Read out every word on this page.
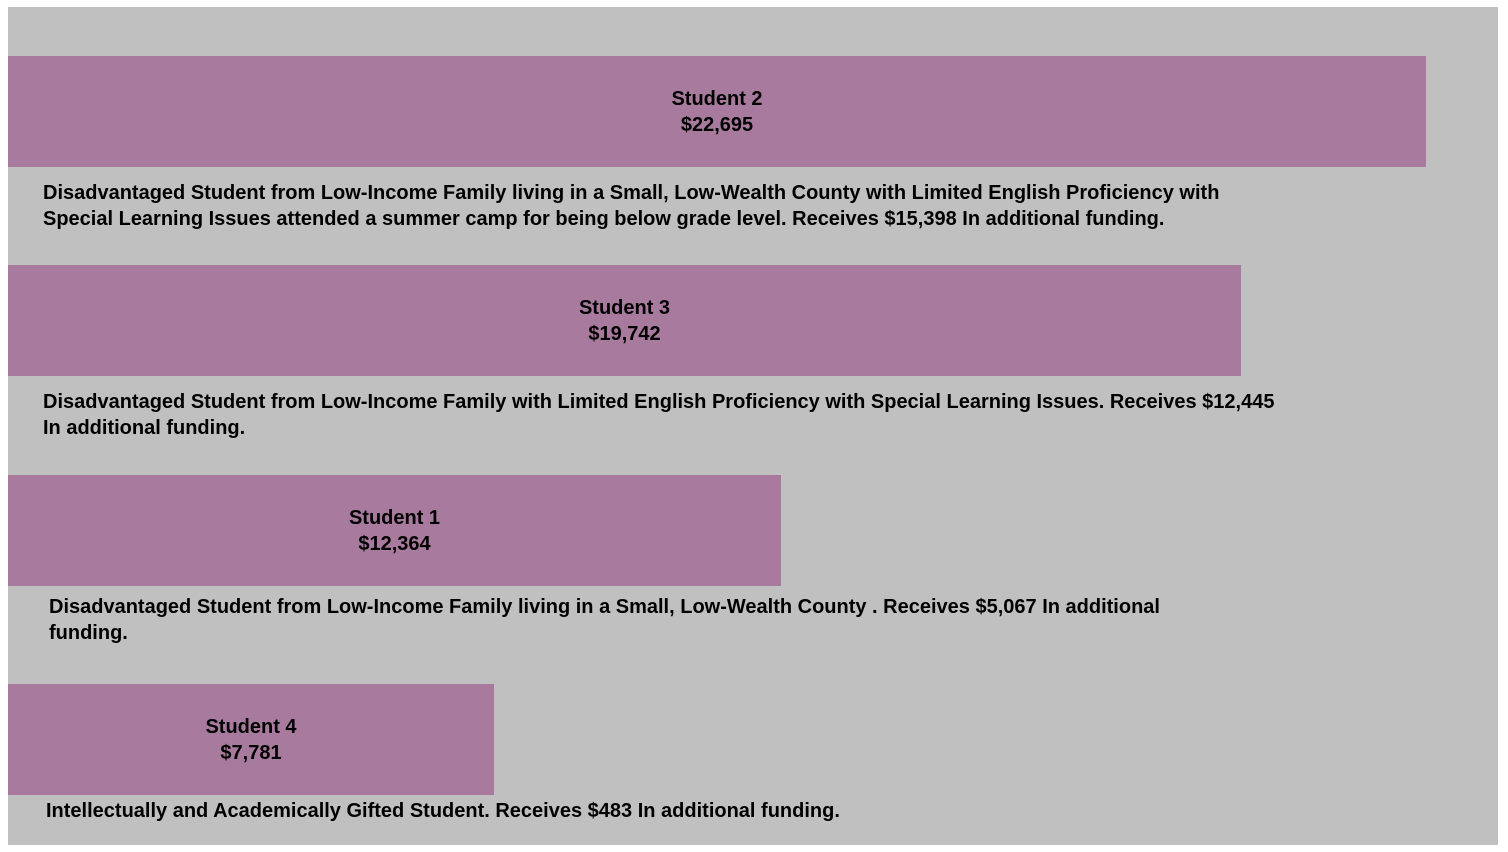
Student 2
$22,695

Disadvantaged Student from Low-Income Family living in a Small, Low-Wealth County with Limited English Proficiency with Special Learning Issues attended a summer camp for being below grade level. Receives $15,398 In additional funding.

Student 3
$19,742

Disadvantaged Student from Low-Income Family with Limited English Proficiency with Special Learning Issues. Receives $12,445 In additional funding.

Student 1
$12,364

Disadvantaged Student from Low-Income Family living in a Small, Low-Wealth County . Receives $5,067 In additional funding.

Student 4
$7,781

Intellectually and Academically Gifted Student. Receives $483 In additional funding.
